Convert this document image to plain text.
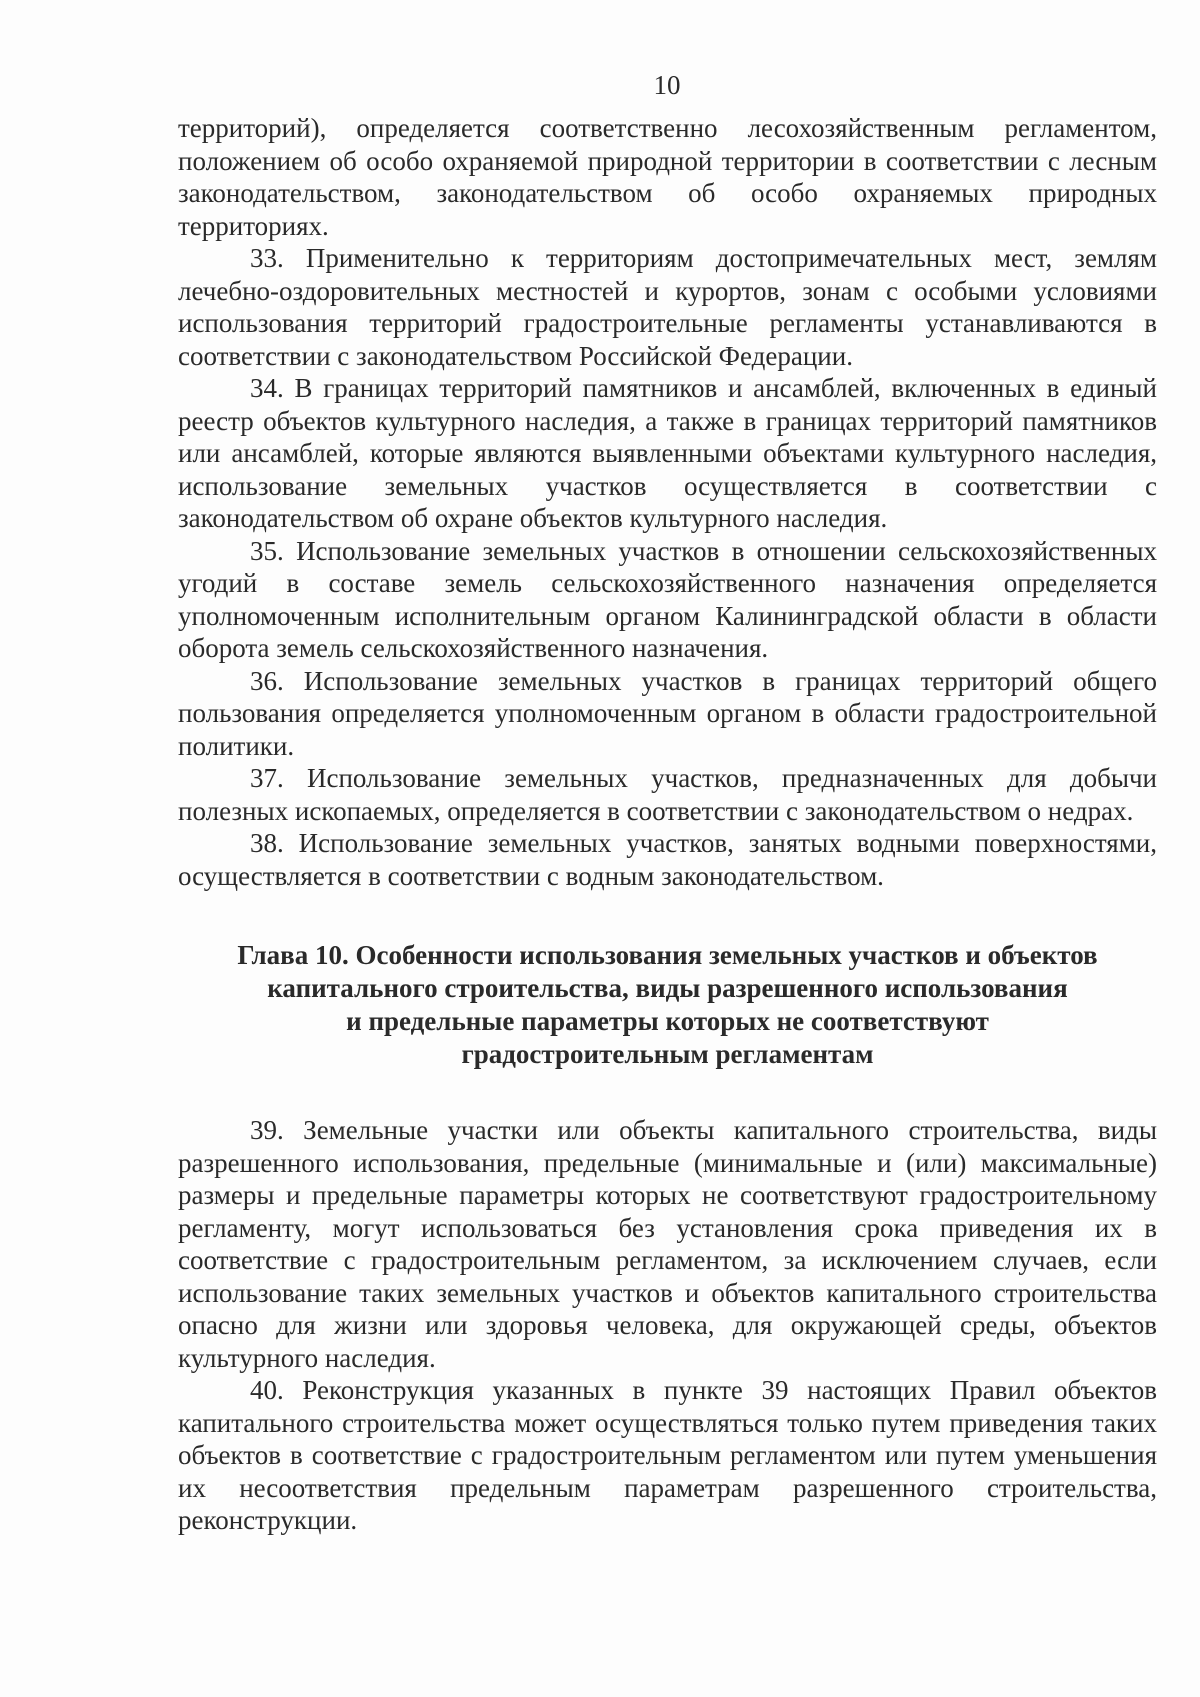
10

территорий), определяется соответственно лесохозяйственным регламентом, положением об особо охраняемой природной территории в соответствии с лесным законодательством, законодательством об особо охраняемых природных территориях.

33. Применительно к территориям достопримечательных мест, землям лечебно-оздоровительных местностей и курортов, зонам с особыми условиями использования территорий градостроительные регламенты устанавливаются в соответствии с законодательством Российской Федерации.

34. В границах территорий памятников и ансамблей, включенных в единый реестр объектов культурного наследия, а также в границах территорий памятников или ансамблей, которые являются выявленными объектами культурного наследия, использование земельных участков осуществляется в соответствии с законодательством об охране объектов культурного наследия.

35. Использование земельных участков в отношении сельскохозяйственных угодий в составе земель сельскохозяйственного назначения определяется уполномоченным исполнительным органом Калининградской области в области оборота земель сельскохозяйственного назначения.

36. Использование земельных участков в границах территорий общего пользования определяется уполномоченным органом в области градостроительной политики.

37. Использование земельных участков, предназначенных для добычи полезных ископаемых, определяется в соответствии с законодательством о недрах.

38. Использование земельных участков, занятых водными поверхностями, осуществляется в соответствии с водным законодательством.

Глава 10. Особенности использования земельных участков и объектов
капитального строительства, виды разрешенного использования
и предельные параметры которых не соответствуют
градостроительным регламентам

39. Земельные участки или объекты капитального строительства, виды разрешенного использования, предельные (минимальные и (или) максимальные) размеры и предельные параметры которых не соответствуют градостроительному регламенту, могут использоваться без установления срока приведения их в соответствие с градостроительным регламентом, за исключением случаев, если использование таких земельных участков и объектов капитального строительства опасно для жизни или здоровья человека, для окружающей среды, объектов культурного наследия.

40. Реконструкция указанных в пункте 39 настоящих Правил объектов капитального строительства может осуществляться только путем приведения таких объектов в соответствие с градостроительным регламентом или путем уменьшения их несоответствия предельным параметрам разрешенного строительства, реконструкции.
